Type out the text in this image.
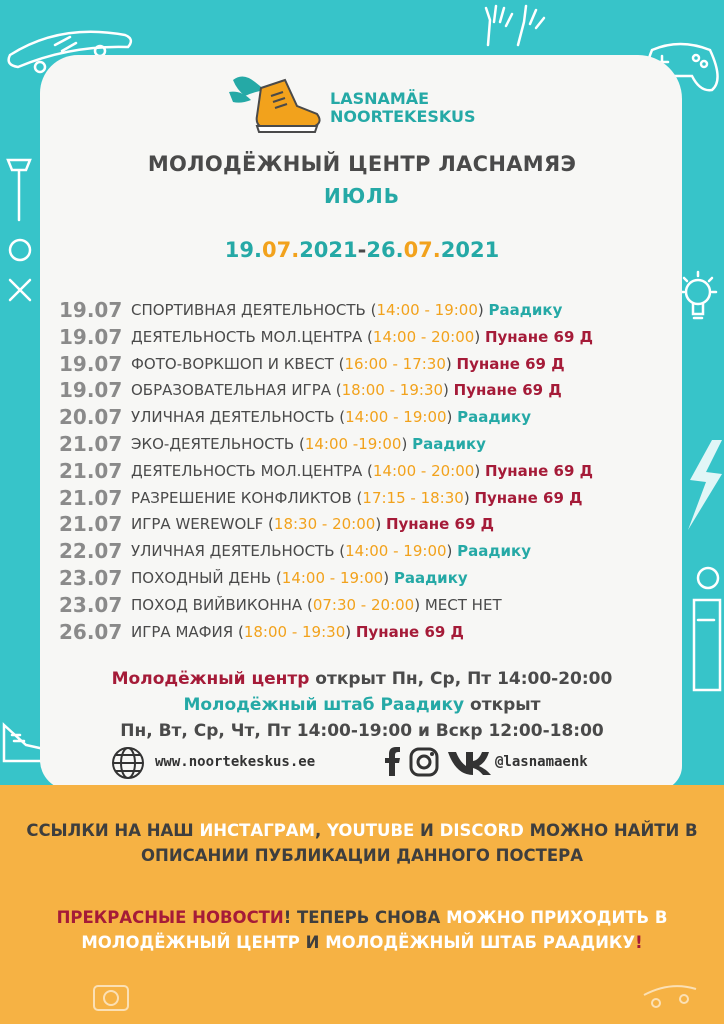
LASNAMÄE
NOORTEKESKUS
МОЛОДЁЖНЫЙ ЦЕНТР ЛАСНАМЯЭ
ИЮЛЬ
19.07.2021-26.07.2021
19.07 СПОРТИВНАЯ ДЕЯТЕЛЬНОСТЬ (14:00 - 19:00) Раадику
19.07 ДЕЯТЕЛЬНОСТЬ МОЛ.ЦЕНТРА (14:00 - 20:00) Пунане 69 Д
19.07 ФОТО-ВОРКШОП И КВЕСТ (16:00 - 17:30) Пунане 69 Д
19.07 ОБРАЗОВАТЕЛЬНАЯ ИГРА (18:00 - 19:30) Пунане 69 Д
20.07 УЛИЧНАЯ ДЕЯТЕЛЬНОСТЬ (14:00 - 19:00) Раадику
21.07 ЭКО-ДЕЯТЕЛЬНОСТЬ (14:00 -19:00) Раадику
21.07 ДЕЯТЕЛЬНОСТЬ МОЛ.ЦЕНТРА (14:00 - 20:00) Пунане 69 Д
21.07 РАЗРЕШЕНИЕ КОНФЛИКТОВ (17:15 - 18:30) Пунане 69 Д
21.07 ИГРА WEREWOLF (18:30 - 20:00) Пунане 69 Д
22.07 УЛИЧНАЯ ДЕЯТЕЛЬНОСТЬ (14:00 - 19:00) Раадику
23.07 ПОХОДНЫЙ ДЕНЬ (14:00 - 19:00) Раадику
23.07 ПОХОД ВИЙВИКОННА (07:30 - 20:00) МЕСТ НЕТ
26.07 ИГРА МАФИЯ (18:00 - 19:30) Пунане 69 Д
Молодёжный центр открыт Пн, Ср, Пт 14:00-20:00
Молодёжный штаб Раадику открыт
Пн, Вт, Ср, Чт, Пт 14:00-19:00 и Вскр 12:00-18:00
www.noortekeskus.ee	@lasnamaenk

ССЫЛКИ НА НАШ ИНСТАГРАМ, YOUTUBE И DISCORD МОЖНО НАЙТИ В

ОПИСАНИИ ПУБЛИКАЦИИ ДАННОГО ПОСТЕРА

ПРЕКРАСНЫЕ НОВОСТИ! ТЕПЕРЬ СНОВА МОЖНО ПРИХОДИТЬ В

МОЛОДЁЖНЫЙ ЦЕНТР И МОЛОДЁЖНЫЙ ШТАБ РААДИКУ!
